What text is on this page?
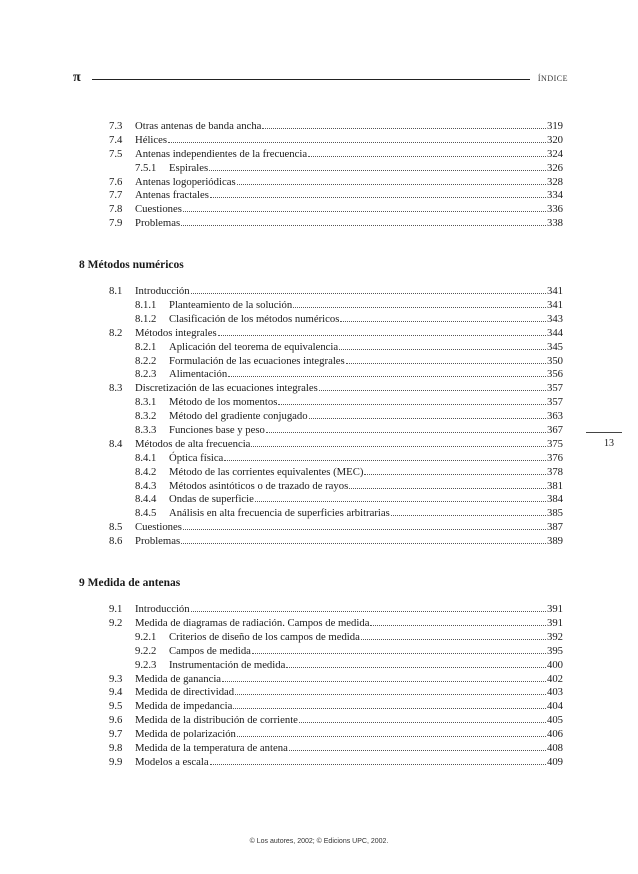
π	ÍNDICE
13
7.3	Otras antenas de banda ancha	319
7.4	Hélices	320
7.5	Antenas independientes de la frecuencia	324
7.5.1	Espirales	326
7.6	Antenas logoperiódicas	328
7.7	Antenas fractales	334
7.8	Cuestiones	336
7.9	Problemas	338
8 Métodos numéricos
8.1	Introducción	341
8.1.1	Planteamiento de la solución	341
8.1.2	Clasificación de los métodos numéricos	343
8.2	Métodos integrales	344
8.2.1	Aplicación del teorema de equivalencia	345
8.2.2	Formulación de las ecuaciones integrales	350
8.2.3	Alimentación	356
8.3	Discretización de las ecuaciones integrales	357
8.3.1	Método de los momentos	357
8.3.2	Método del gradiente conjugado	363
8.3.3	Funciones base y peso	367
8.4	Métodos de alta frecuencia	375
8.4.1	Óptica física	376
8.4.2	Método de las corrientes equivalentes (MEC)	378
8.4.3	Métodos asintóticos o de trazado de rayos	381
8.4.4	Ondas de superficie	384
8.4.5	Análisis en alta frecuencia de superficies arbitrarias	385
8.5	Cuestiones	387
8.6	Problemas	389
9 Medida de antenas
9.1	Introducción	391
9.2	Medida de diagramas de radiación. Campos de medida	391
9.2.1	Criterios de diseño de los campos de medida	392
9.2.2	Campos de medida	395
9.2.3	Instrumentación de medida	400
9.3	Medida de ganancia	402
9.4	Medida de directividad	403
9.5	Medida de impedancia	404
9.6	Medida de la distribución de corriente	405
9.7	Medida de polarización	406
9.8	Medida de la temperatura de antena	408
9.9	Modelos a escala	409
© Los autores, 2002; © Edicions UPC, 2002.
